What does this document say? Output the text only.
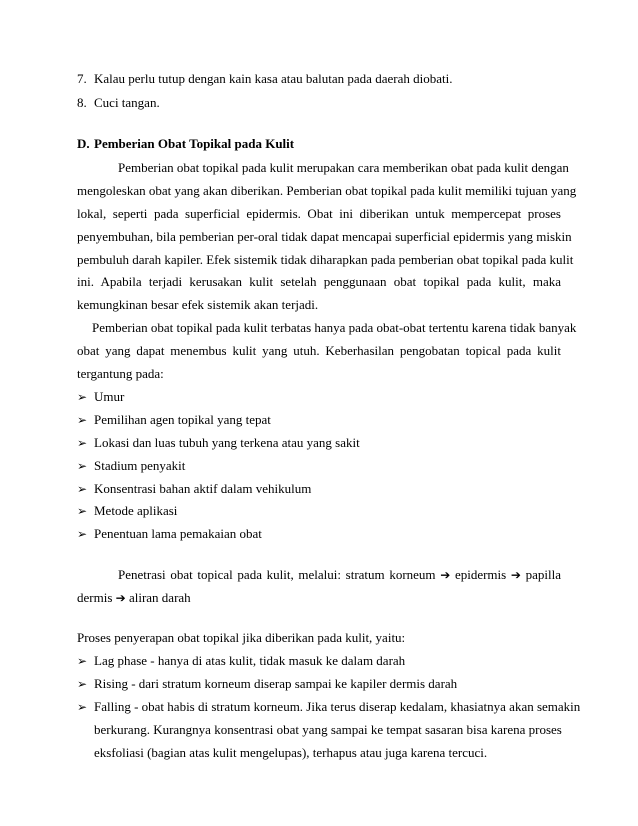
7. Kalau perlu tutup dengan kain kasa atau balutan pada daerah diobati.
8. Cuci tangan.
D. Pemberian Obat Topikal pada Kulit
Pemberian obat topikal pada kulit merupakan cara memberikan obat pada kulit dengan
mengoleskan obat yang akan diberikan. Pemberian obat topikal pada kulit memiliki tujuan yang
lokal, seperti pada superficial epidermis. Obat ini diberikan untuk mempercepat proses
penyembuhan, bila pemberian per-oral tidak dapat mencapai superficial epidermis yang miskin
pembuluh darah kapiler. Efek sistemik tidak diharapkan pada pemberian obat topikal pada kulit
ini. Apabila terjadi kerusakan kulit setelah penggunaan obat topikal pada kulit, maka
kemungkinan besar efek sistemik akan terjadi.
Pemberian obat topikal pada kulit terbatas hanya pada obat-obat tertentu karena tidak banyak
obat yang dapat menembus kulit yang utuh. Keberhasilan pengobatan topical pada kulit
tergantung pada:
➢ Umur
➢ Pemilihan agen topikal yang tepat
➢ Lokasi dan luas tubuh yang terkena atau yang sakit
➢ Stadium penyakit
➢ Konsentrasi bahan aktif dalam vehikulum
➢ Metode aplikasi
➢ Penentuan lama pemakaian obat
Penetrasi obat topical pada kulit, melalui: stratum korneum ➔ epidermis ➔ papilla
dermis ➔ aliran darah
Proses penyerapan obat topikal jika diberikan pada kulit, yaitu:
➢ Lag phase - hanya di atas kulit, tidak masuk ke dalam darah
➢ Rising - dari stratum korneum diserap sampai ke kapiler dermis darah
➢ Falling - obat habis di stratum korneum. Jika terus diserap kedalam, khasiatnya akan semakin
berkurang. Kurangnya konsentrasi obat yang sampai ke tempat sasaran bisa karena proses
eksfoliasi (bagian atas kulit mengelupas), terhapus atau juga karena tercuci.
